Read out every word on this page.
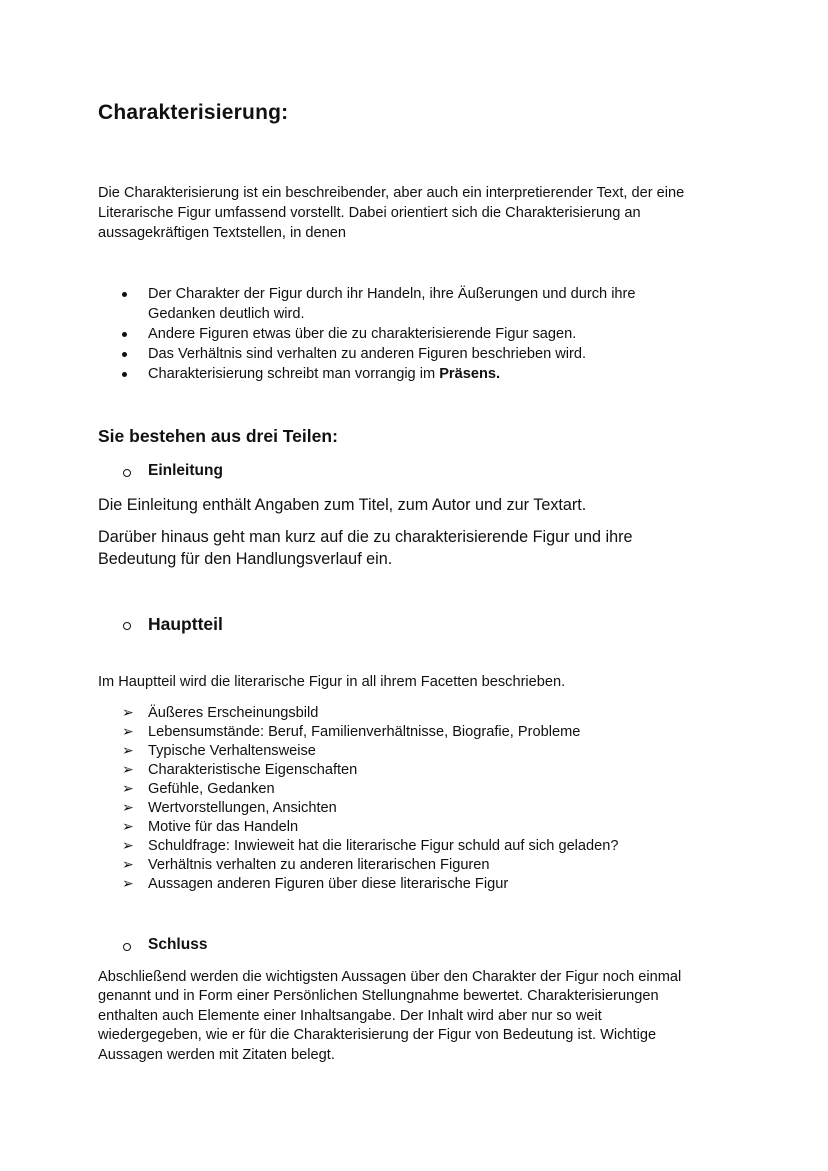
Charakterisierung:
Die Charakterisierung ist ein beschreibender, aber auch ein interpretierender Text, der eine
Literarische Figur umfassend vorstellt. Dabei orientiert sich die Charakterisierung an
aussagekräftigen Textstellen, in denen
Der Charakter der Figur durch ihr Handeln, ihre Äußerungen und durch ihre
Gedanken deutlich wird.
Andere Figuren etwas über die zu charakterisierende Figur sagen.
Das Verhältnis sind verhalten zu anderen Figuren beschrieben wird.
Charakterisierung schreibt man vorrangig im Präsens.
Sie bestehen aus drei Teilen:
Einleitung
Die Einleitung enthält Angaben zum Titel, zum Autor und zur Textart.
Darüber hinaus geht man kurz auf die zu charakterisierende Figur und ihre
Bedeutung für den Handlungsverlauf ein.
Hauptteil
Im Hauptteil wird die literarische Figur in all ihrem Facetten beschrieben.
➢ Äußeres Erscheinungsbild
➢ Lebensumstände: Beruf, Familienverhältnisse, Biografie, Probleme
➢ Typische Verhaltensweise
➢ Charakteristische Eigenschaften
➢ Gefühle, Gedanken
➢ Wertvorstellungen, Ansichten
➢ Motive für das Handeln
➢ Schuldfrage: Inwieweit hat die literarische Figur schuld auf sich geladen?
➢ Verhältnis verhalten zu anderen literarischen Figuren
➢ Aussagen anderen Figuren über diese literarische Figur
Schluss
Abschließend werden die wichtigsten Aussagen über den Charakter der Figur noch einmal
genannt und in Form einer Persönlichen Stellungnahme bewertet. Charakterisierungen
enthalten auch Elemente einer Inhaltsangabe. Der Inhalt wird aber nur so weit
wiedergegeben, wie er für die Charakterisierung der Figur von Bedeutung ist. Wichtige
Aussagen werden mit Zitaten belegt.
